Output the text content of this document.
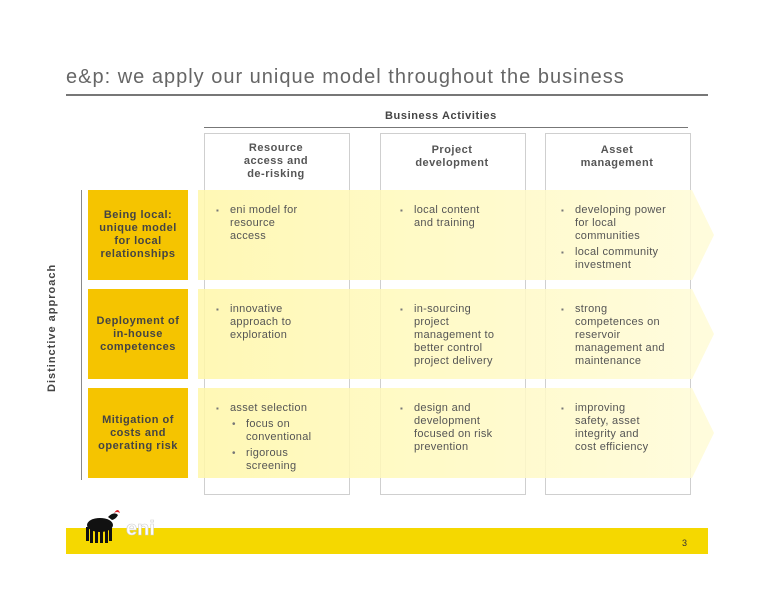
e&p: we apply our unique model throughout the business
Business Activities
Resource
access and
de-risking
Project
development
Asset
management
Distinctive approach
Being local:
unique model
for local
relationships
Deployment of
in-house
competences
Mitigation of
costs and
operating risk
▪ eni model for
resource
access
▪ local content
and training
▪ developing power
for local
communities
▪ local community
investment
▪ innovative
approach to
exploration
▪ in-sourcing
project
management to
better control
project delivery
▪ strong
competences on
reservoir
management and
maintenance
▪ asset selection
• focus on
conventional
• rigorous
screening
▪ design and
development
focused on risk
prevention
▪ improving
safety, asset
integrity and
cost efficiency
eni
3
